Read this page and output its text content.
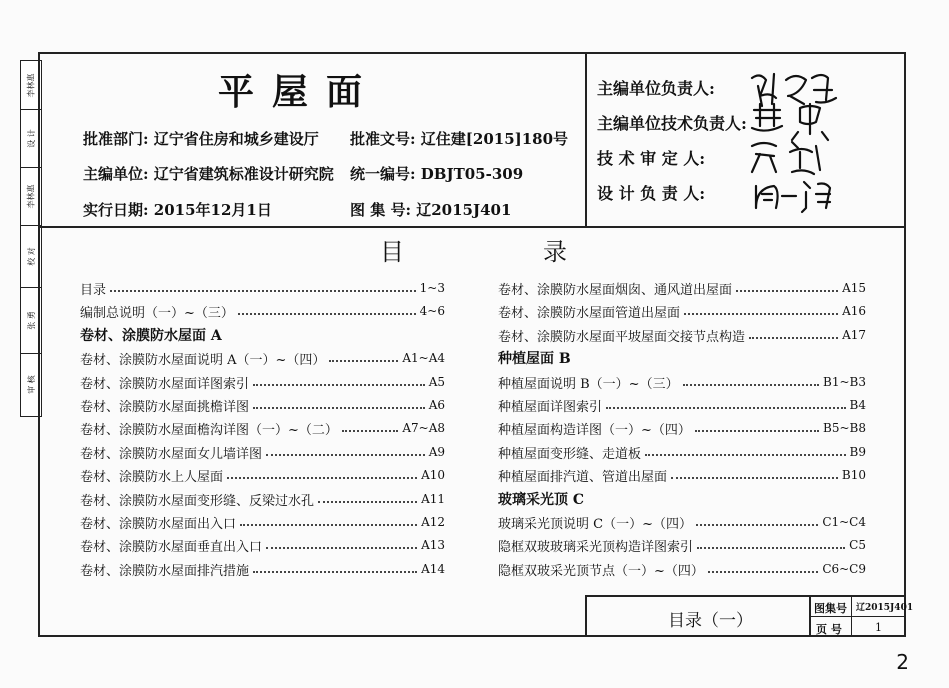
李林惠
设 计
李林惠
校 对
张 勇
审 核
平屋面
批准部门: 辽宁省住房和城乡建设厅 批准文号: 辽住建[2015]180号
主编单位: 辽宁省建筑标准设计研究院 统一编号: DBJT05-309
实行日期: 2015年12月1日	图 集 号: 辽2015J401
主编单位负责人:
主编单位技术负责人:
技 术 审 定 人:
设 计 负 责 人:
目	录
目录	1~3
编制总说明（一）~（三）	4~6
卷材、涂膜防水屋面 A
卷材、涂膜防水屋面说明 A（一）~（四）	A1~A4
卷材、涂膜防水屋面详图索引	A5
卷材、涂膜防水屋面挑檐详图	A6
卷材、涂膜防水屋面檐沟详图（一）~（二）	A7~A8
卷材、涂膜防水屋面女儿墙详图	A9
卷材、涂膜防水上人屋面	A10
卷材、涂膜防水屋面变形缝、反梁过水孔	A11
卷材、涂膜防水屋面出入口	A12
卷材、涂膜防水屋面垂直出入口	A13
卷材、涂膜防水屋面排汽措施	A14
卷材、涂膜防水屋面烟囱、通风道出屋面	A15
卷材、涂膜防水屋面管道出屋面	A16
卷材、涂膜防水屋面平坡屋面交接节点构造	A17
种植屋面 B
种植屋面说明 B（一）~（三）	B1~B3
种植屋面详图索引	B4
种植屋面构造详图（一）~（四）	B5~B8
种植屋面变形缝、走道板	B9
种植屋面排汽道、管道出屋面	B10
玻璃采光顶 C
玻璃采光顶说明 C（一）~（四）	C1~C4
隐框双玻玻璃采光顶构造详图索引	C5
隐框双玻采光顶节点（一）~（四）	C6~C9
目录（一）
图集号 辽2015J401
页 号	1
2
